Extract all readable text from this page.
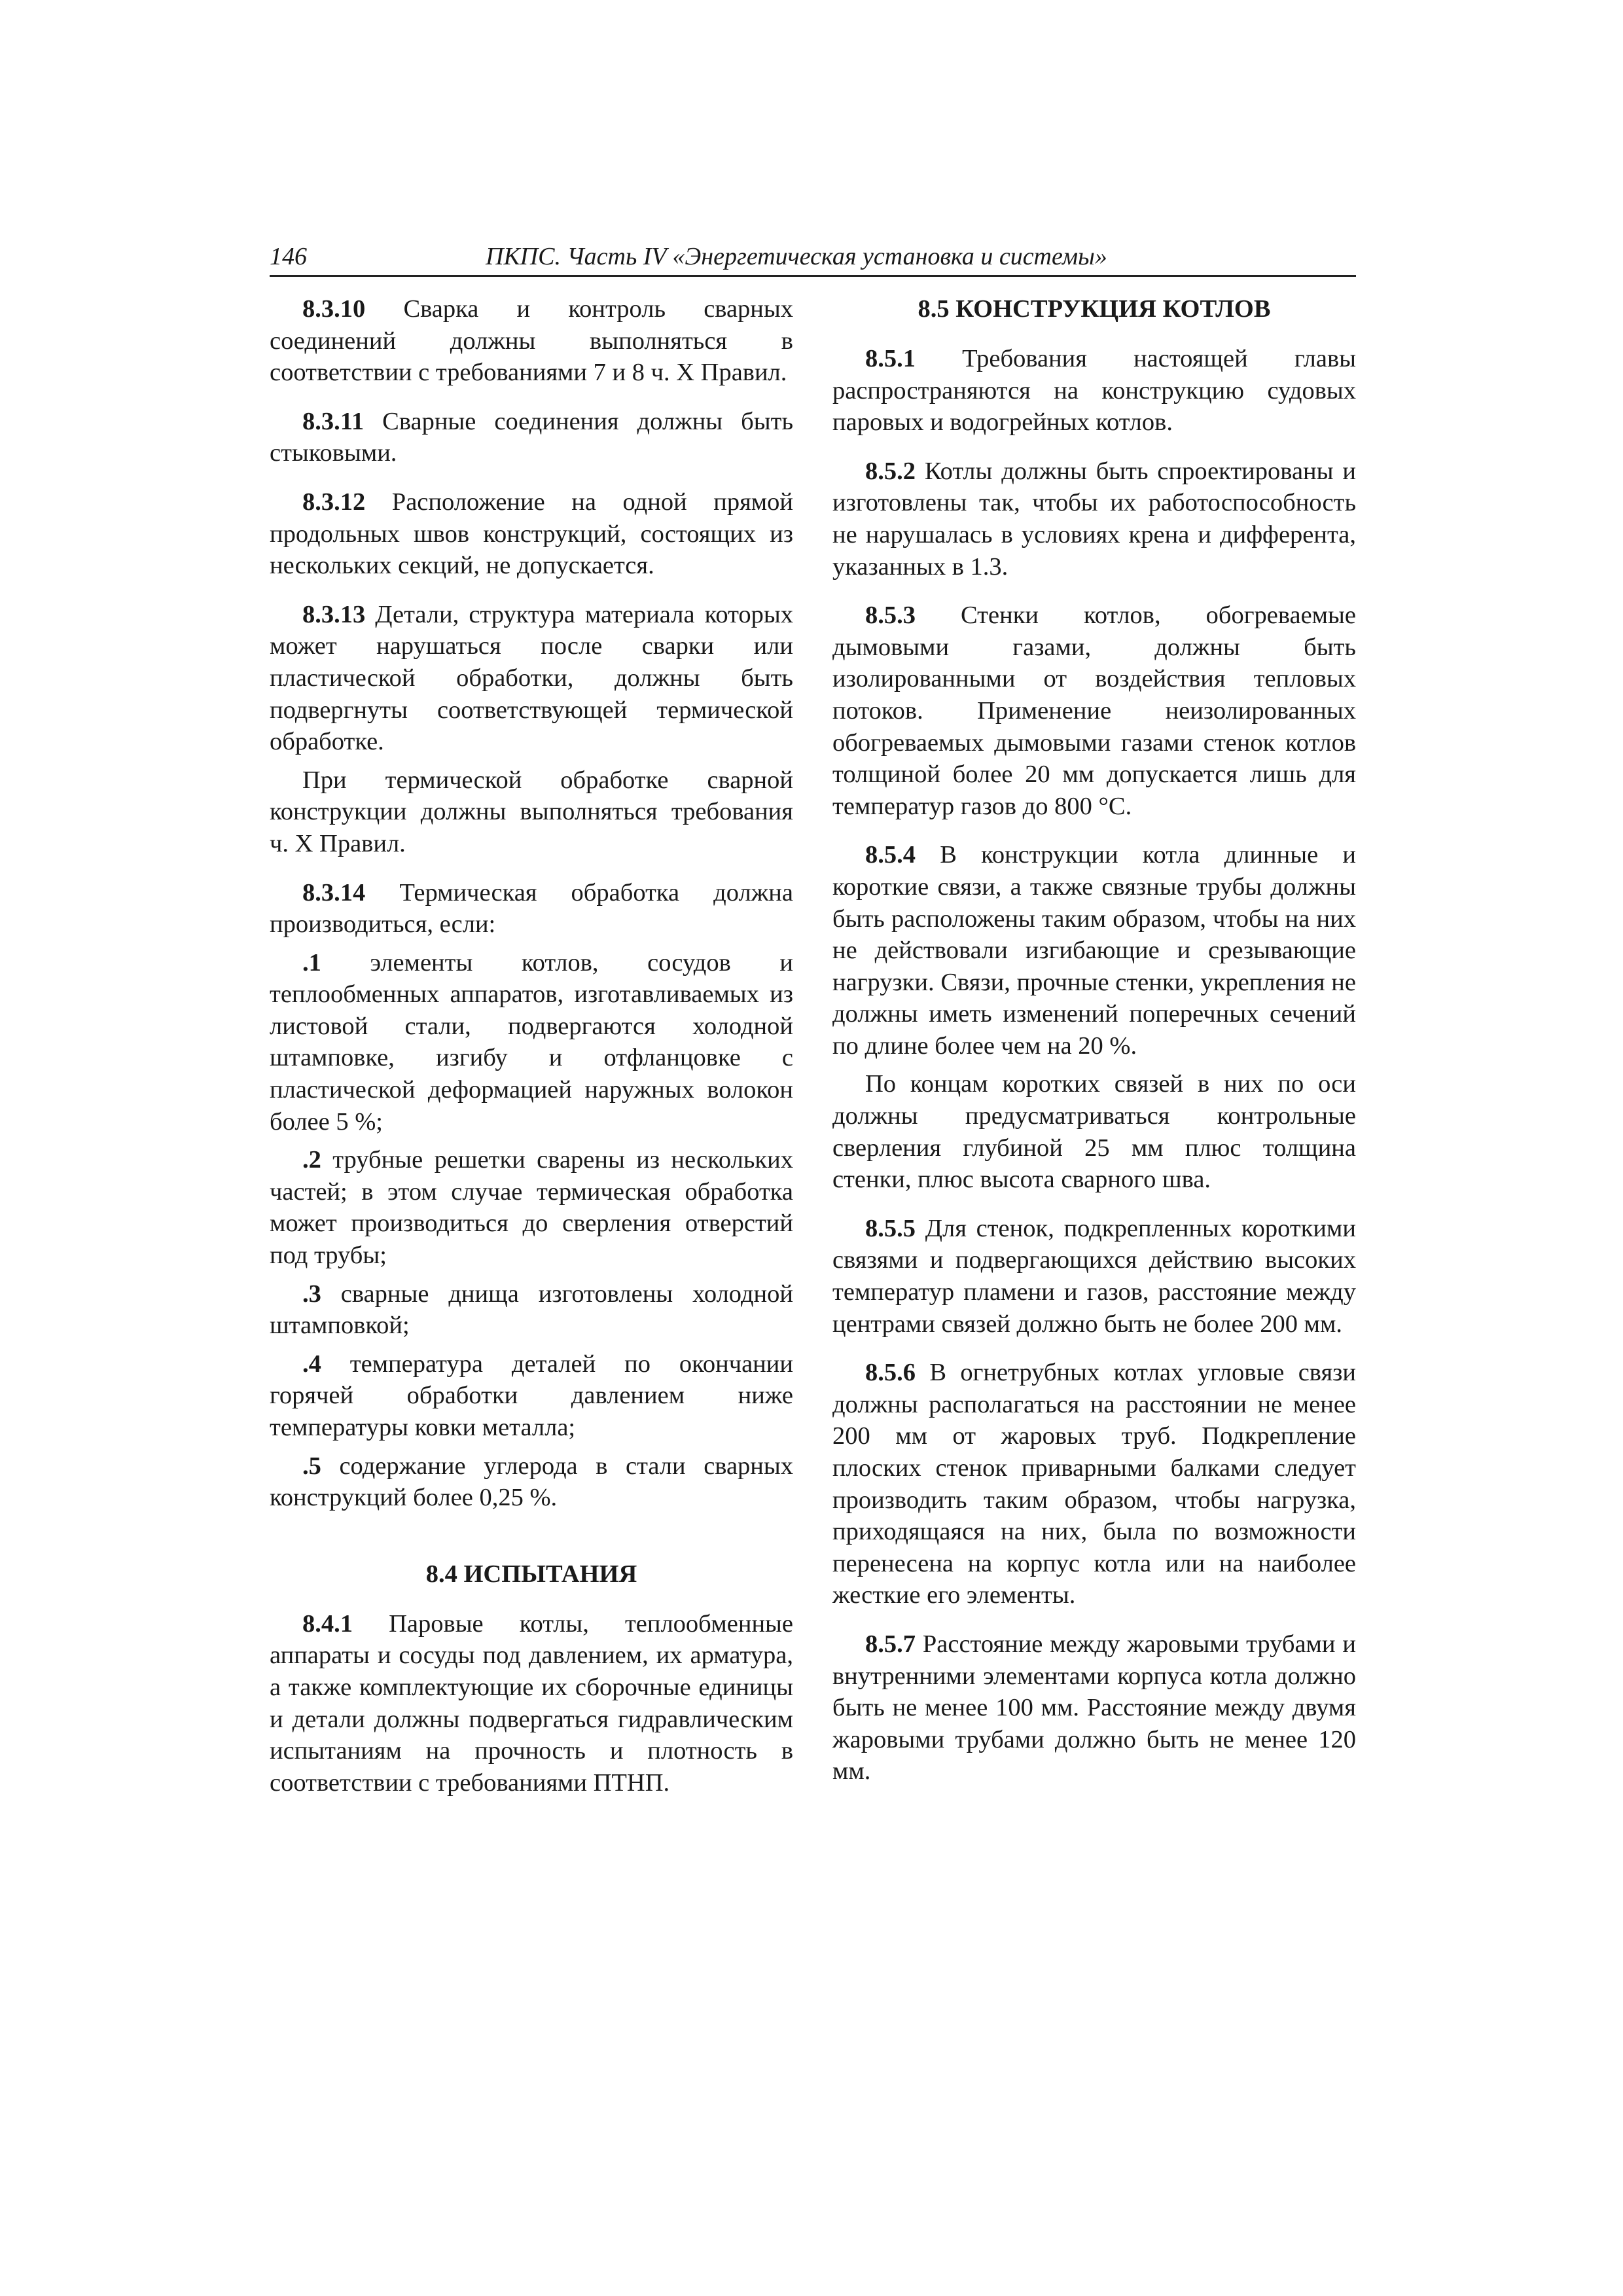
146	ПКПС. Часть IV «Энергетическая установка и системы»

8.3.10 Сварка и контроль сварных соединений должны выполняться в соответствии с требованиями 7 и 8 ч. X Правил.

8.3.11 Сварные соединения должны быть стыковыми.

8.3.12 Расположение на одной прямой продольных швов конструкций, состоящих из нескольких секций, не допускается.

8.3.13 Детали, структура материала которых может нарушаться после сварки или пластической обработки, должны быть подвергнуты соответствующей термической обработке.

При термической обработке сварной конструкции должны выполняться требования ч. X Правил.

8.3.14 Термическая обработка должна производиться, если:

.1 элементы котлов, сосудов и теплообменных аппаратов, изготавливаемых из листовой стали, подвергаются холодной штамповке, изгибу и отфланцовке с пластической деформацией наружных волокон более 5 %;

.2 трубные решетки сварены из нескольких частей; в этом случае термическая обработка может производиться до сверления отверстий под трубы;

.3 сварные днища изготовлены холодной штамповкой;

.4 температура деталей по окончании горячей обработки давлением ниже температуры ковки металла;

.5 содержание углерода в стали сварных конструкций более 0,25 %.

8.4 ИСПЫТАНИЯ

8.4.1 Паровые котлы, теплообменные аппараты и сосуды под давлением, их арматура, а также комплектующие их сборочные единицы и детали должны подвергаться гидравлическим испытаниям на прочность и плотность в соответствии с требованиями ПТНП.

8.5 КОНСТРУКЦИЯ КОТЛОВ

8.5.1 Требования настоящей главы распространяются на конструкцию судовых паровых и водогрейных котлов.

8.5.2 Котлы должны быть спроектированы и изготовлены так, чтобы их работоспособность не нарушалась в условиях крена и дифферента, указанных в 1.3.

8.5.3 Стенки котлов, обогреваемые дымовыми газами, должны быть изолированными от воздействия тепловых потоков. Применение неизолированных обогреваемых дымовыми газами стенок котлов толщиной более 20 мм допускается лишь для температур газов до 800 °С.

8.5.4 В конструкции котла длинные и короткие связи, а также связные трубы должны быть расположены таким образом, чтобы на них не действовали изгибающие и срезывающие нагрузки. Связи, прочные стенки, укрепления не должны иметь изменений поперечных сечений по длине более чем на 20 %.

По концам коротких связей в них по оси должны предусматриваться контрольные сверления глубиной 25 мм плюс толщина стенки, плюс высота сварного шва.

8.5.5 Для стенок, подкрепленных короткими связями и подвергающихся действию высоких температур пламени и газов, расстояние между центрами связей должно быть не более 200 мм.

8.5.6 В огнетрубных котлах угловые связи должны располагаться на расстоянии не менее 200 мм от жаровых труб. Подкрепление плоских стенок приварными балками следует производить таким образом, чтобы нагрузка, приходящаяся на них, была по возможности перенесена на корпус котла или на наиболее жесткие его элементы.

8.5.7 Расстояние между жаровыми трубами и внутренними элементами корпуса котла должно быть не менее 100 мм. Расстояние между двумя жаровыми трубами должно быть не менее 120 мм.
